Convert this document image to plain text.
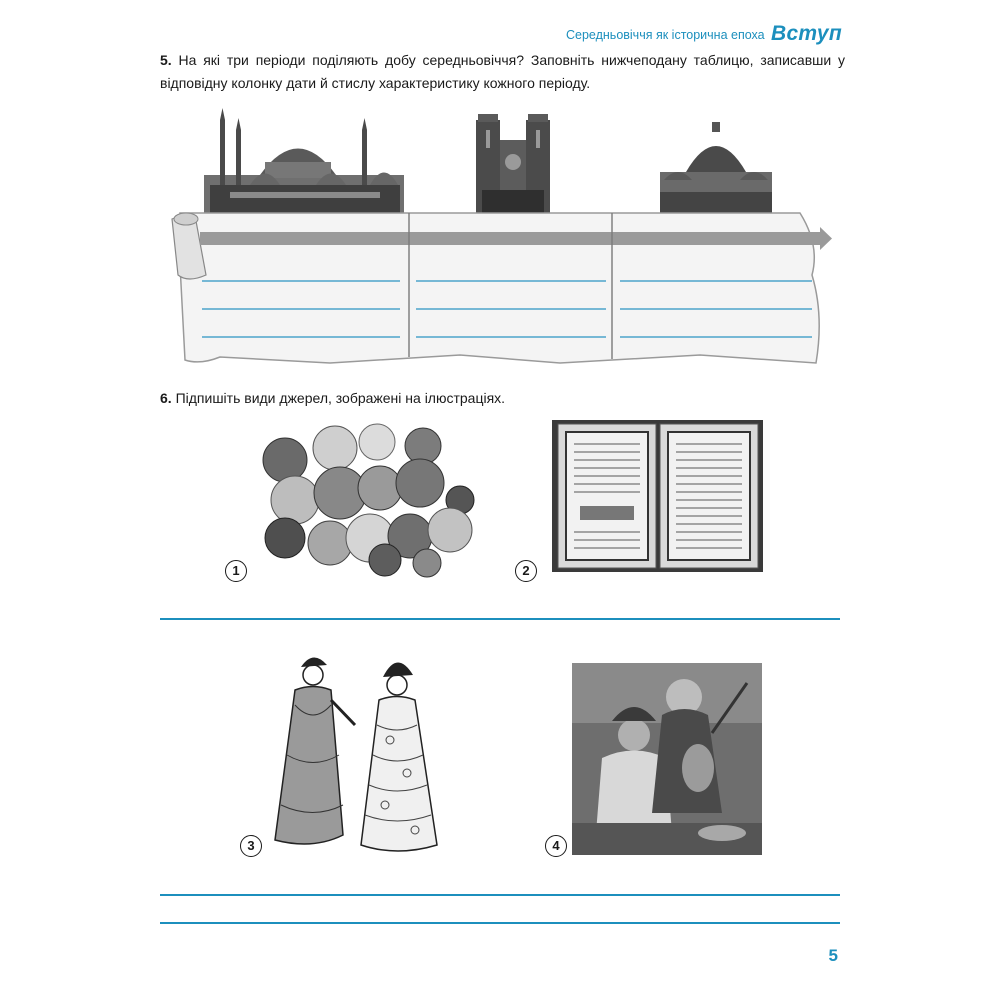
Середньовіччя як історична епоха Вступ
5. На які три періоди поділяють добу середньовіччя? Заповніть нижчеподану таблицю, записавши у відповідну колонку дати й стислу характеристику кожного періоду.
6. Підпишіть види джерел, зображені на ілюстраціях.
1	2
3	4
5
